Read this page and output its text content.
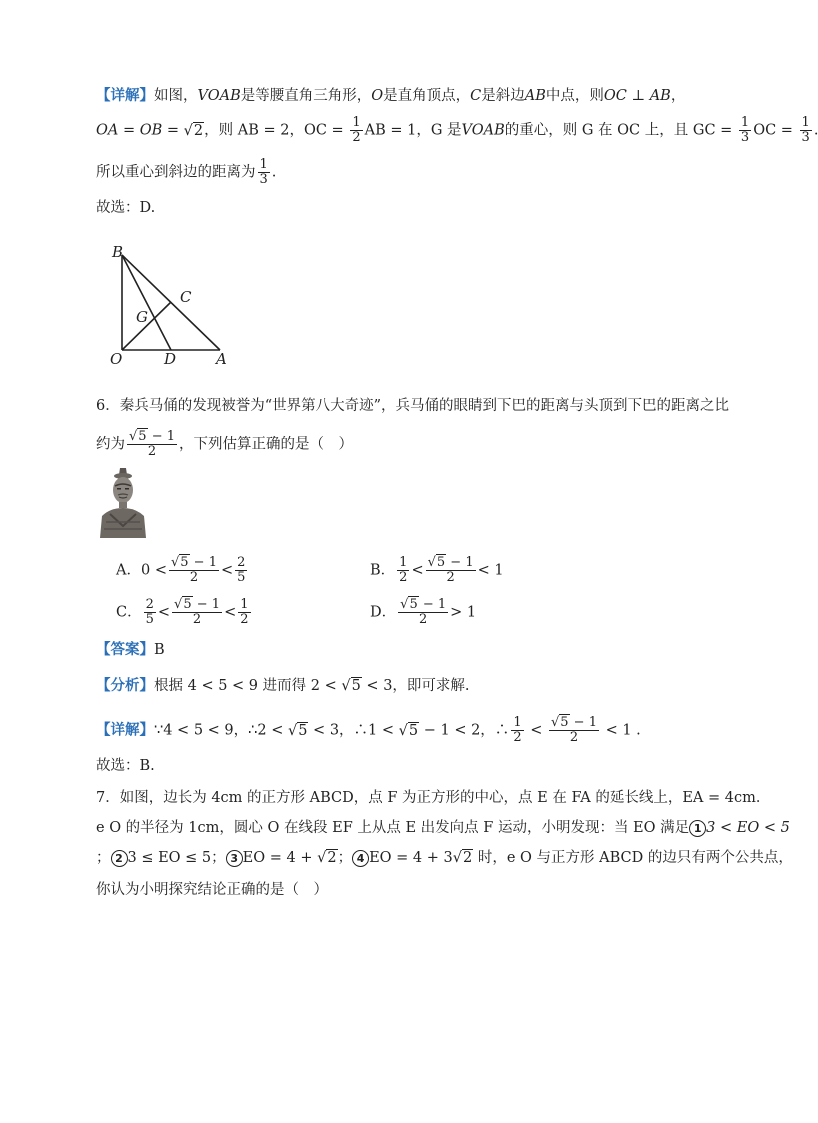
【详解】如图，VOAB是等腰直角三角形，O是直角顶点，C是斜边AB中点，则OC ⊥ AB，
OA = OB = √2，则 AB = 2，OC = $\frac{1}{2}$ AB = 1，G 是VOAB的重心，则 G 在 OC 上，且 GC = $\frac{1}{3}$ OC = $\frac{1}{3}$ .
所以重心到斜边的距离为 $\frac{1}{3}$ .
故选：D.
B
C
G
O	D	A
6．秦兵马俑的发现被誉为“世界第八大奇迹”，兵马俑的眼睛到下巴的距离与头顶到下巴的距离之比
约为 $\frac{√5 - 1}{2}$ ，下列估算正确的是（　）
A．$0 < \frac{√5 - 1}{2} < \frac{2}{5}$	B． $\frac{1}{2} < \frac{√5 - 1}{2} < 1$
C． $\frac{2}{5} < \frac{√5 - 1}{2} < \frac{1}{2}$	D． $\frac{√5 - 1}{2} > 1$
【答案】B
【分析】根据 4 < 5 < 9 进而得 2 < √5 < 3，即可求解.
【详解】∵4 < 5 < 9，∴2 < √5 < 3，∴1 < √5 − 1 < 2，∴ $\frac{1}{2} < \frac{√5 - 1}{2} < 1$ .
故选：B.
7．如图，边长为 4cm 的正方形 ABCD，点 F 为正方形的中心，点 E 在 FA 的延长线上，EA = 4cm．
e O 的半径为 1cm，圆心 O 在线段 EF 上从点 E 出发向点 F 运动，小明发现：当 EO 满足 1 3 < EO < 5
； 2 3 ≤ EO ≤ 5； 3 EO = 4 + √2； 4 EO = 4 + 3√2 时，e O 与正方形 ABCD 的边只有两个公共点，
你认为小明探究结论正确的是（　）
